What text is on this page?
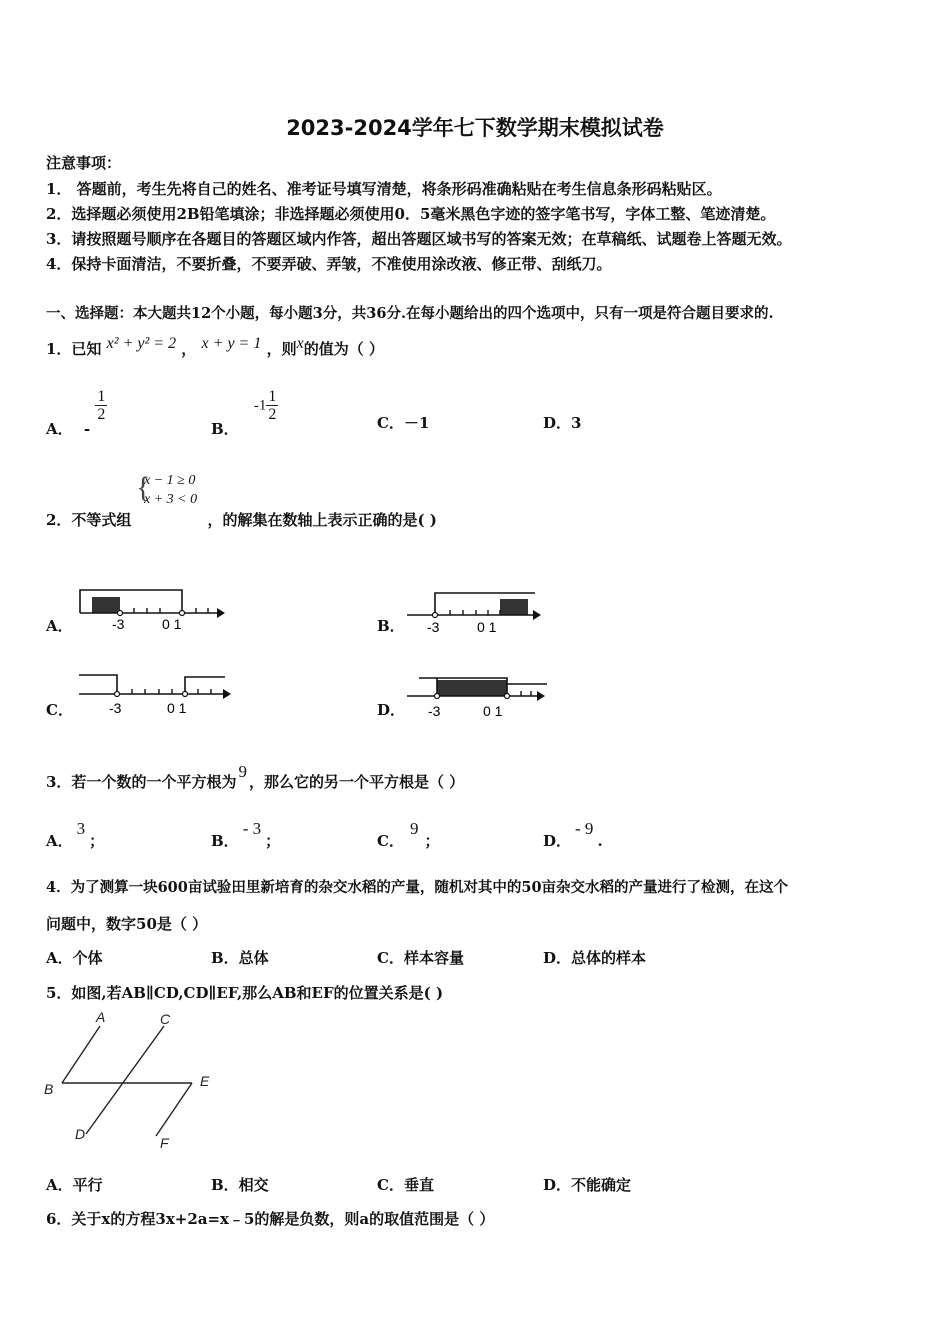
2023-2024学年七下数学期末模拟试卷
注意事项：
1． 答题前，考生先将自己的姓名、准考证号填写清楚，将条形码准确粘贴在考生信息条形码粘贴区。
2．选择题必须使用2B铅笔填涂；非选择题必须使用0．5毫米黑色字迹的签字笔书写，字体工整、笔迹清楚。
3．请按照题号顺序在各题目的答题区域内作答，超出答题区域书写的答案无效；在草稿纸、试题卷上答题无效。
4．保持卡面清洁，不要折叠，不要弄破、弄皱，不准使用涂改液、修正带、刮纸刀。
一、选择题：本大题共12个小题，每小题3分，共36分.在每小题给出的四个选项中，只有一项是符合题目要求的.
1．已知 x² + y² = 2 ， x + y = 1 ，则x的值为（ ）
A． -
$\frac{1}{2}$
B． $-1 \frac{1}{2}$	C．－1	D．3
{
x − 1 ≥ 0
x + 3 < 0
2．不等式组	，的解集在数轴上表示正确的是( )
A．	B．
C．	D．
-3	0 1	-3	0 1
-3	0 1	-3	0 1
3．若一个数的一个平方根为9，那么它的另一个平方根是（ ）
A．3；	B．- 3；	C．9；	D．- 9.
4．为了测算一块600亩试验田里新培育的杂交水稻的产量，随机对其中的50亩杂交水稻的产量进行了检测，在这个
问题中，数字50是（ ）
A．个体	B．总体	C．样本容量	D．总体的样本
5．如图,若AB∥CD,CD∥EF,那么AB和EF的位置关系是( )
A	C
B	E
D
F
A．平行	B．相交	C．垂直	D．不能确定
6．关于x的方程3x+2a=x﹣5的解是负数，则a的取值范围是（ ）
